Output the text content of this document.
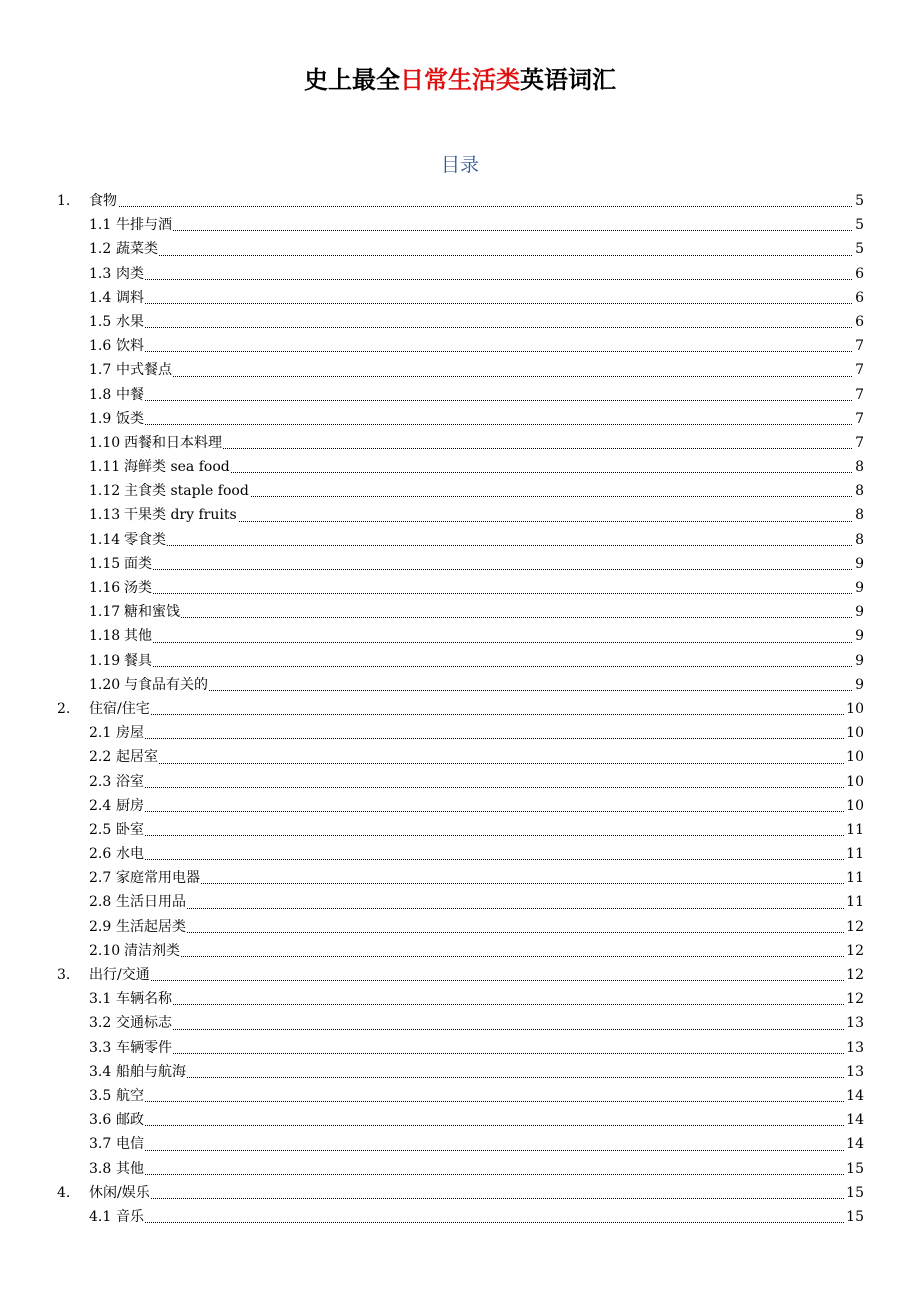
史上最全日常生活类英语词汇
目录
1. 食物	5
1.1 牛排与酒	5
1.2 蔬菜类	5
1.3 肉类	6
1.4 调料	6
1.5 水果	6
1.6 饮料	7
1.7 中式餐点	7
1.8 中餐	7
1.9 饭类	7
1.10 西餐和日本料理	7
1.11 海鲜类 sea food	8
1.12 主食类 staple food	8
1.13 干果类 dry fruits	8
1.14 零食类	8
1.15 面类	9
1.16 汤类	9
1.17 糖和蜜饯	9
1.18 其他	9
1.19 餐具	9
1.20 与食品有关的	9
2. 住宿/住宅	10
2.1 房屋	10
2.2 起居室	10
2.3 浴室	10
2.4 厨房	10
2.5 卧室	11
2.6 水电	11
2.7 家庭常用电器	11
2.8 生活日用品	11
2.9 生活起居类	12
2.10 清洁剂类	12
3. 出行/交通	12
3.1 车辆名称	12
3.2 交通标志	13
3.3 车辆零件	13
3.4 船舶与航海	13
3.5 航空	14
3.6 邮政	14
3.7 电信	14
3.8 其他	15
4. 休闲/娱乐	15
4.1 音乐	15
